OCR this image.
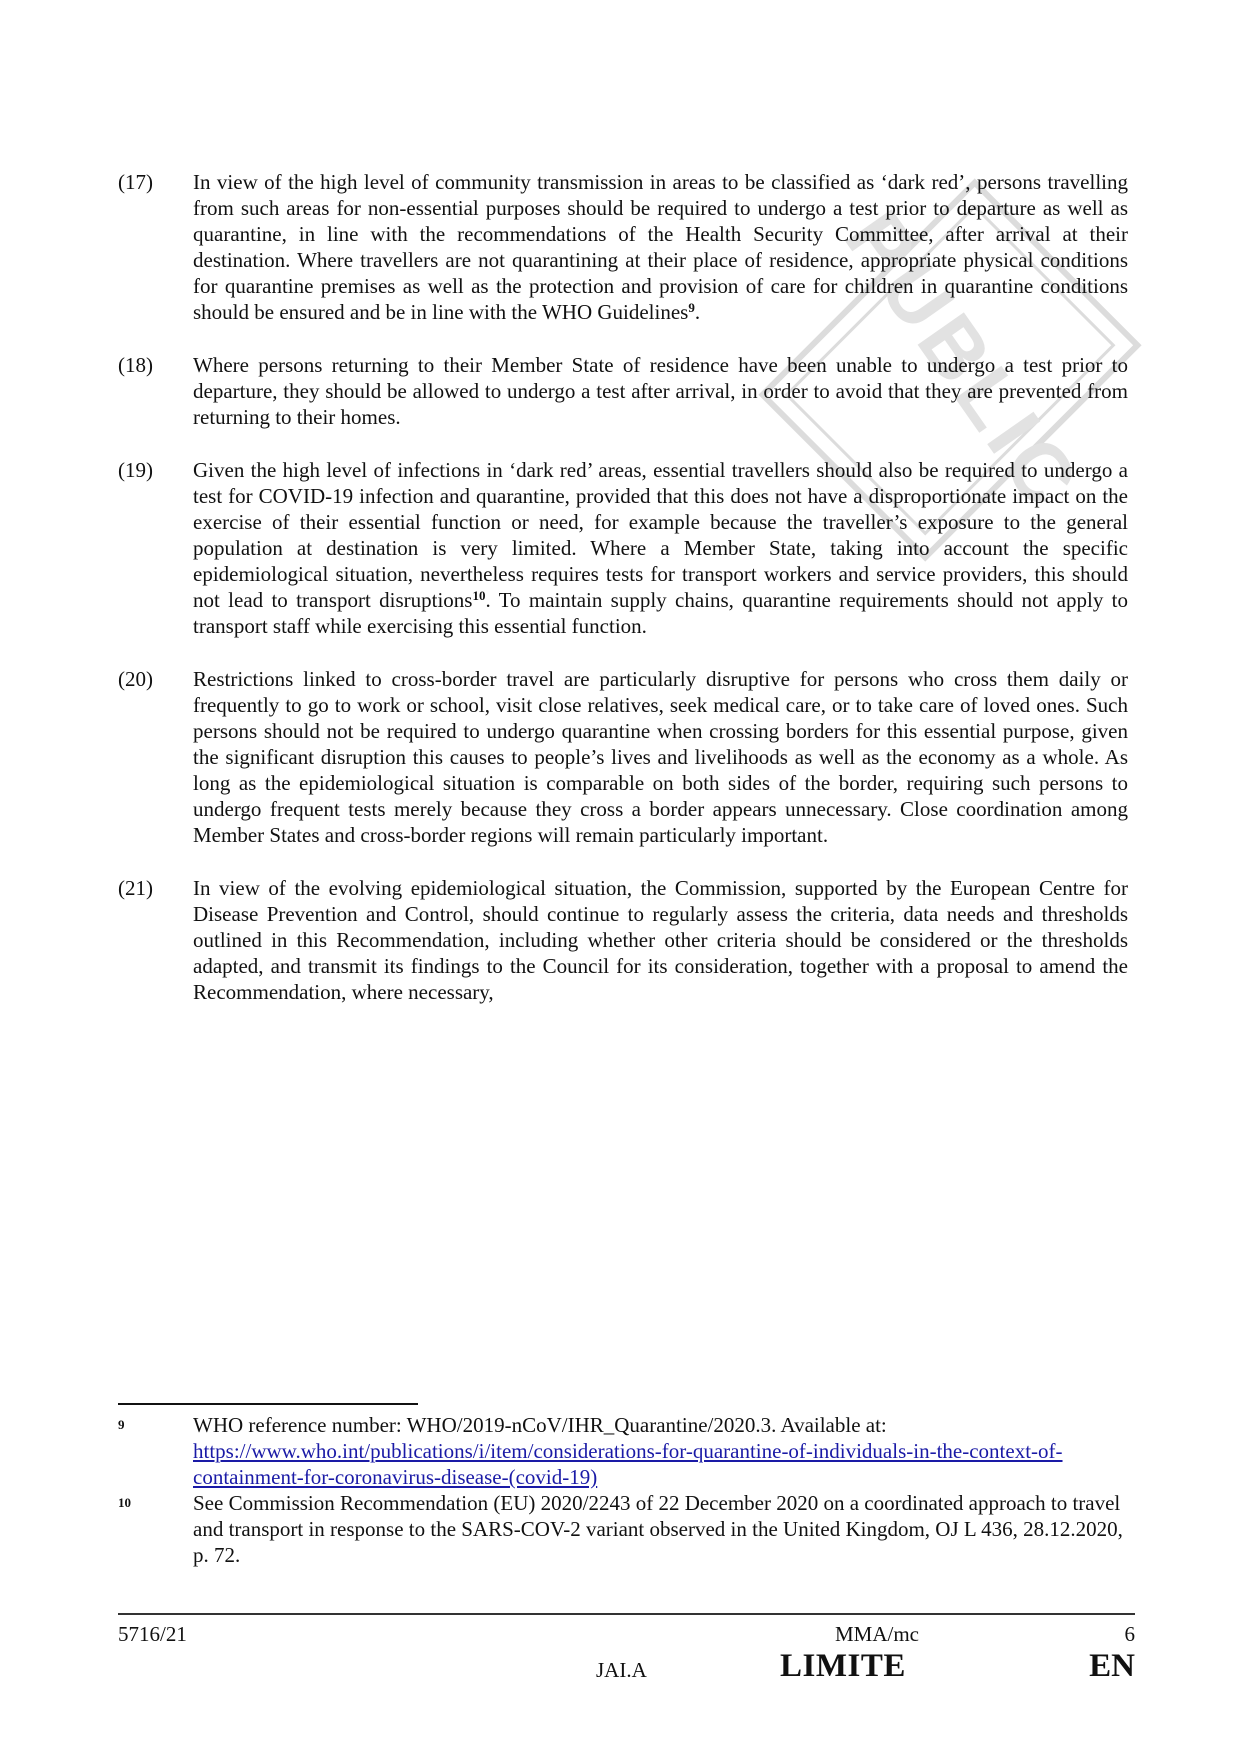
PUBLIC
(17)	In view of the high level of community transmission in areas to be classified as ‘dark red’, persons travelling from such areas for non-essential purposes should be required to undergo a test prior to departure as well as quarantine, in line with the recommendations of the Health Security Committee, after arrival at their destination. Where travellers are not quarantining at their place of residence, appropriate physical conditions for quarantine premises as well as the protection and provision of care for children in quarantine conditions should be ensured and be in line with the WHO Guidelines$^9$.
(18)	Where persons returning to their Member State of residence have been unable to undergo a test prior to departure, they should be allowed to undergo a test after arrival, in order to avoid that they are prevented from returning to their homes.
(19)	Given the high level of infections in ‘dark red’ areas, essential travellers should also be required to undergo a test for COVID-19 infection and quarantine, provided that this does not have a disproportionate impact on the exercise of their essential function or need, for example because the traveller’s exposure to the general population at destination is very limited. Where a Member State, taking into account the specific epidemiological situation, nevertheless requires tests for transport workers and service providers, this should not lead to transport disruptions$^{10}$. To maintain supply chains, quarantine requirements should not apply to transport staff while exercising this essential function.
(20)	Restrictions linked to cross-border travel are particularly disruptive for persons who cross them daily or frequently to go to work or school, visit close relatives, seek medical care, or to take care of loved ones. Such persons should not be required to undergo quarantine when crossing borders for this essential purpose, given the significant disruption this causes to people’s lives and livelihoods as well as the economy as a whole. As long as the epidemiological situation is comparable on both sides of the border, requiring such persons to undergo frequent tests merely because they cross a border appears unnecessary. Close coordination among Member States and cross-border regions will remain particularly important.
(21)	In view of the evolving epidemiological situation, the Commission, supported by the European Centre for Disease Prevention and Control, should continue to regularly assess the criteria, data needs and thresholds outlined in this Recommendation, including whether other criteria should be considered or the thresholds adapted, and transmit its findings to the Council for its consideration, together with a proposal to amend the Recommendation, where necessary,
9	WHO reference number: WHO/2019-nCoV/IHR_Quarantine/2020.3. Available at:
https://www.who.int/publications/i/item/considerations-for-quarantine-of-individuals-in-the-context-of-containment-for-coronavirus-disease-(covid-19)
10	See Commission Recommendation (EU) 2020/2243 of 22 December 2020 on a coordinated approach to travel and transport in response to the SARS-COV-2 variant observed in the United Kingdom, OJ L 436, 28.12.2020, p. 72.
5716/21	MMA/mc	6
JAI.A	LIMITE	EN
